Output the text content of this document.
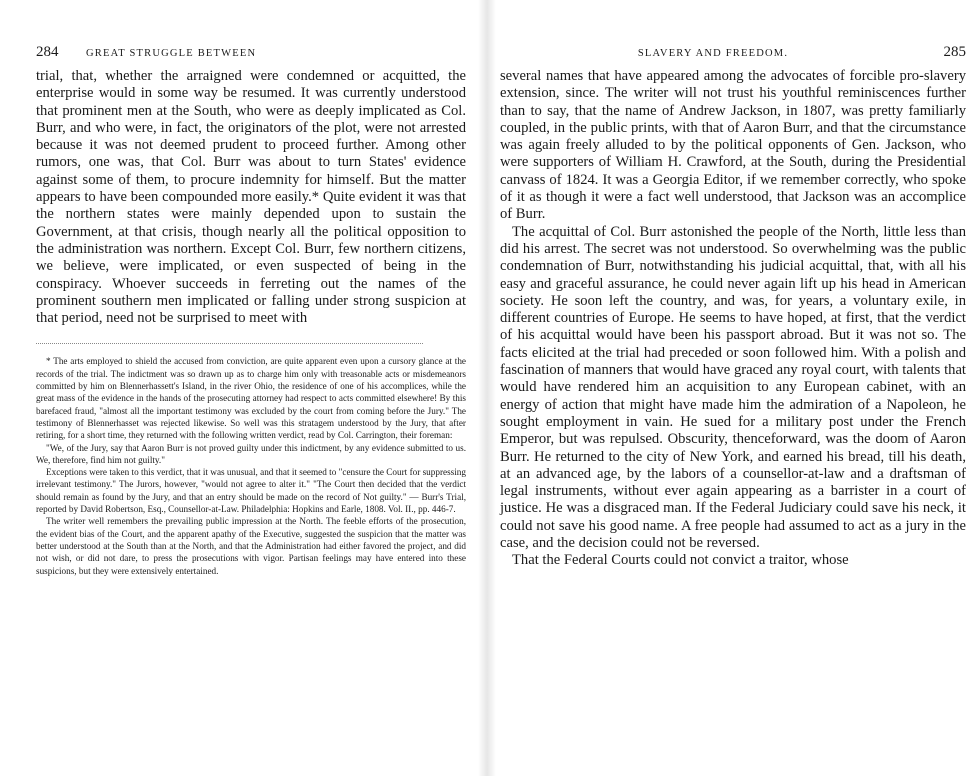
284	GREAT STRUGGLE BETWEEN

trial, that, whether the arraigned were condemned or acquitted, the enterprise would in some way be resumed. It was currently understood that prominent men at the South, who were as deeply implicated as Col. Burr, and who were, in fact, the originators of the plot, were not arrested because it was not deemed prudent to proceed further. Among other rumors, one was, that Col. Burr was about to turn States' evidence against some of them, to procure indemnity for himself. But the matter appears to have been compounded more easily.* Quite evident it was that the northern states were mainly depended upon to sustain the Government, at that crisis, though nearly all the political opposition to the administration was northern. Except Col. Burr, few northern citizens, we believe, were implicated, or even suspected of being in the conspiracy. Whoever succeeds in ferreting out the names of the prominent southern men implicated or falling under strong suspicion at that period, need not be surprised to meet with

* The arts employed to shield the accused from conviction, are quite apparent even upon a cursory glance at the records of the trial. The indictment was so drawn up as to charge him only with treasonable acts or misdemeanors committed by him on Blennerhassett's Island, in the river Ohio, the residence of one of his accomplices, while the great mass of the evidence in the hands of the prosecuting attorney had respect to acts committed elsewhere! By this barefaced fraud, "almost all the important testimony was excluded by the court from coming before the Jury." The testimony of Blennerhasset was rejected likewise. So well was this stratagem understood by the Jury, that after retiring, for a short time, they returned with the following written verdict, read by Col. Carrington, their foreman:

"We, of the Jury, say that Aaron Burr is not proved guilty under this indictment, by any evidence submitted to us. We, therefore, find him not guilty."

Exceptions were taken to this verdict, that it was unusual, and that it seemed to "censure the Court for suppressing irrelevant testimony." The Jurors, however, "would not agree to alter it." "The Court then decided that the verdict should remain as found by the Jury, and that an entry should be made on the record of Not guilty." — Burr's Trial, reported by David Robertson, Esq., Counsellor-at-Law. Philadelphia: Hopkins and Earle, 1808. Vol. II., pp. 446-7.

The writer well remembers the prevailing public impression at the North. The feeble efforts of the prosecution, the evident bias of the Court, and the apparent apathy of the Executive, suggested the suspicion that the matter was better understood at the South than at the North, and that the Administration had either favored the project, and did not wish, or did not dare, to press the prosecutions with vigor. Partisan feelings may have entered into these suspicions, but they were extensively entertained.

SLAVERY AND FREEDOM.	285

several names that have appeared among the advocates of forcible pro-slavery extension, since. The writer will not trust his youthful reminiscences further than to say, that the name of Andrew Jackson, in 1807, was pretty familiarly coupled, in the public prints, with that of Aaron Burr, and that the circumstance was again freely alluded to by the political opponents of Gen. Jackson, who were supporters of William H. Crawford, at the South, during the Presidential canvass of 1824. It was a Georgia Editor, if we remember correctly, who spoke of it as though it were a fact well understood, that Jackson was an accomplice of Burr.

The acquittal of Col. Burr astonished the people of the North, little less than did his arrest. The secret was not understood. So overwhelming was the public condemnation of Burr, notwithstanding his judicial acquittal, that, with all his easy and graceful assurance, he could never again lift up his head in American society. He soon left the country, and was, for years, a voluntary exile, in different countries of Europe. He seems to have hoped, at first, that the verdict of his acquittal would have been his passport abroad. But it was not so. The facts elicited at the trial had preceded or soon followed him. With a polish and fascination of manners that would have graced any royal court, with talents that would have rendered him an acquisition to any European cabinet, with an energy of action that might have made him the admiration of a Napoleon, he sought employment in vain. He sued for a military post under the French Emperor, but was repulsed. Obscurity, thenceforward, was the doom of Aaron Burr. He returned to the city of New York, and earned his bread, till his death, at an advanced age, by the labors of a counsellor-at-law and a draftsman of legal instruments, without ever again appearing as a barrister in a court of justice. He was a disgraced man. If the Federal Judiciary could save his neck, it could not save his good name. A free people had assumed to act as a jury in the case, and the decision could not be reversed.

That the Federal Courts could not convict a traitor, whose
